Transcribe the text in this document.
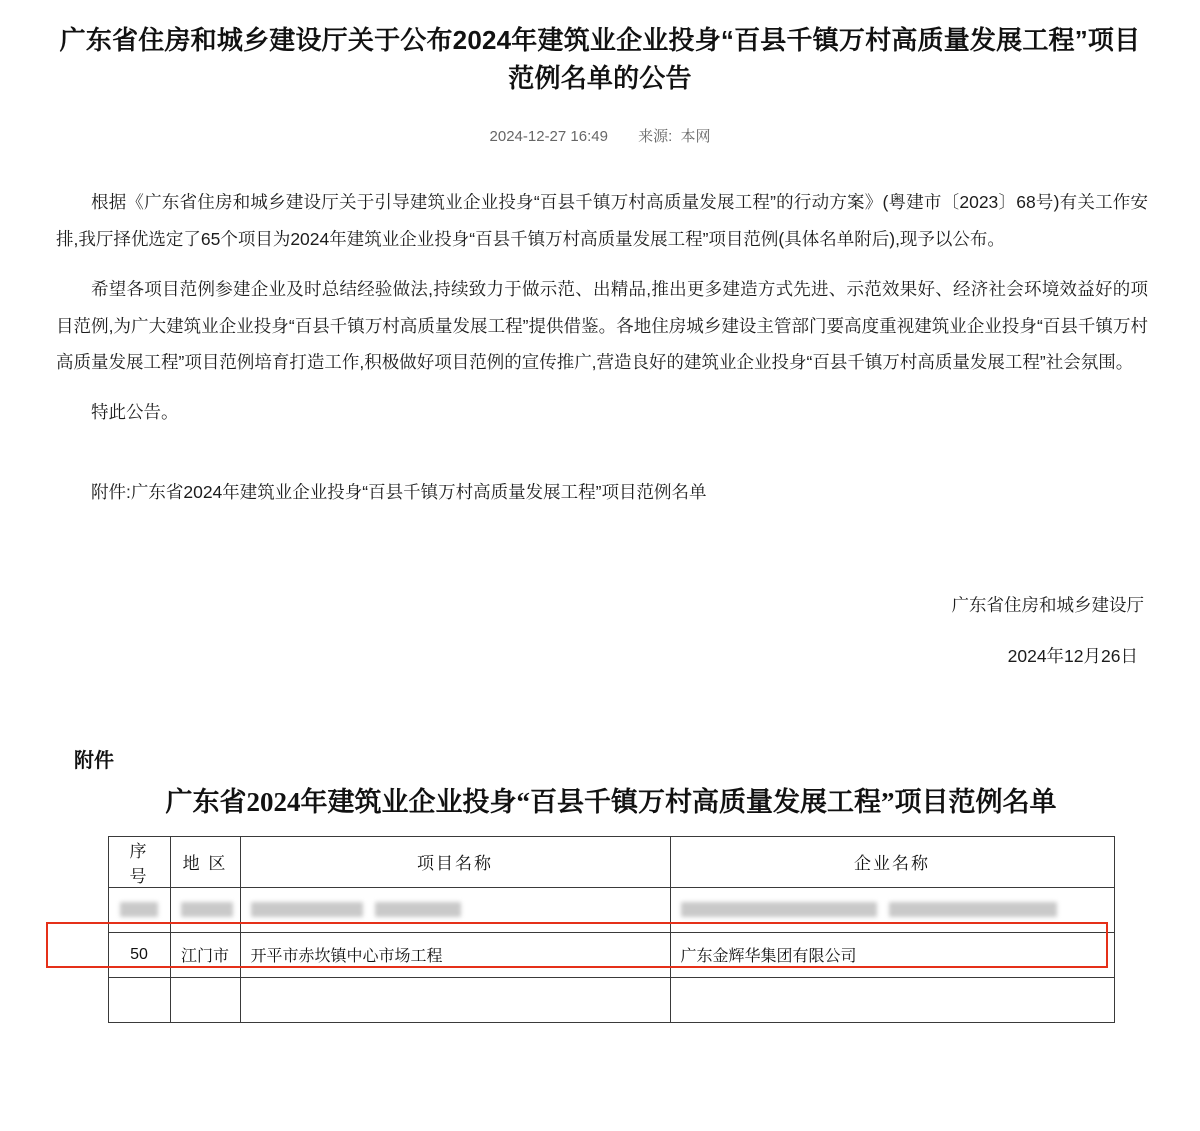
广东省住房和城乡建设厅关于公布2024年建筑业企业投身“百县千镇万村高质量发展工程”项目范例名单的公告
2024-12-27 16:49 来源: 本网

根据《广东省住房和城乡建设厅关于引导建筑业企业投身“百县千镇万村高质量发展工程”的行动方案》(粤建市〔2023〕68号)有关工作安排,我厅择优选定了65个项目为2024年建筑业企业投身“百县千镇万村高质量发展工程”项目范例(具体名单附后),现予以公布。

希望各项目范例参建企业及时总结经验做法,持续致力于做示范、出精品,推出更多建造方式先进、示范效果好、经济社会环境效益好的项目范例,为广大建筑业企业投身“百县千镇万村高质量发展工程”提供借鉴。各地住房城乡建设主管部门要高度重视建筑业企业投身“百县千镇万村高质量发展工程”项目范例培育打造工作,积极做好项目范例的宣传推广,营造良好的建筑业企业投身“百县千镇万村高质量发展工程”社会氛围。

特此公告。

附件:广东省2024年建筑业企业投身“百县千镇万村高质量发展工程”项目范例名单

广东省住房和城乡建设厅
2024年12月26日
附件
广东省2024年建筑业企业投身“百县千镇万村高质量发展工程”项目范例名单
序 号	地 区	项目名称	企业名称

50	江门市	开平市赤坎镇中心市场工程	广东金辉华集团有限公司
